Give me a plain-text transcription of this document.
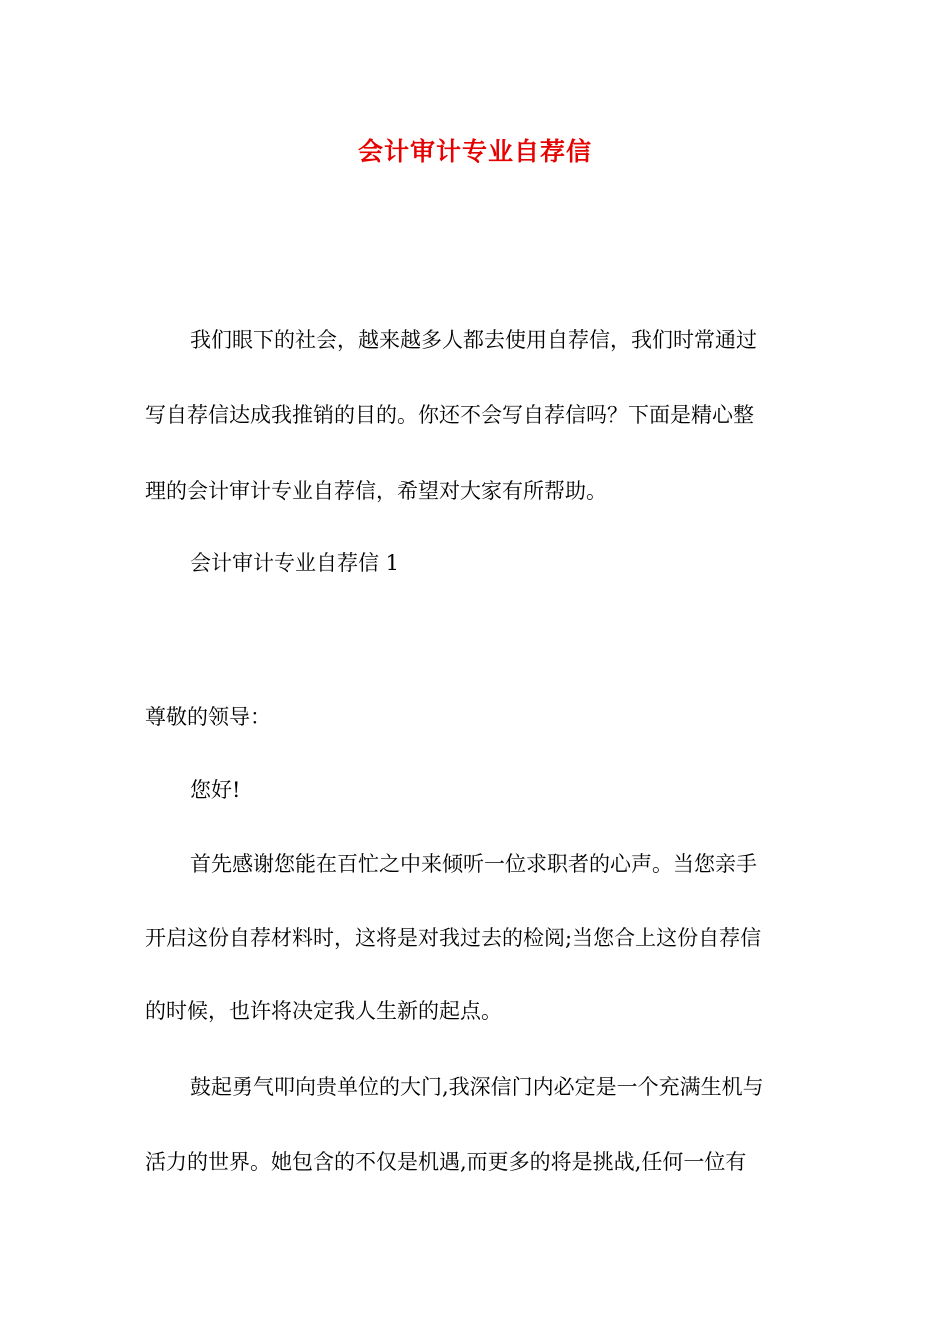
会计审计专业自荐信
我们眼下的社会，越来越多人都去使用自荐信，我们时常通过
写自荐信达成我推销的目的。你还不会写自荐信吗？下面是精心整
理的会计审计专业自荐信，希望对大家有所帮助。
会计审计专业自荐信 1
尊敬的领导：
您好!
首先感谢您能在百忙之中来倾听一位求职者的心声。当您亲手
开启这份自荐材料时，这将是对我过去的检阅;当您合上这份自荐信
的时候，也许将决定我人生新的起点。
鼓起勇气叩向贵单位的大门,我深信门内必定是一个充满生机与
活力的世界。她包含的不仅是机遇,而更多的将是挑战,任何一位有
